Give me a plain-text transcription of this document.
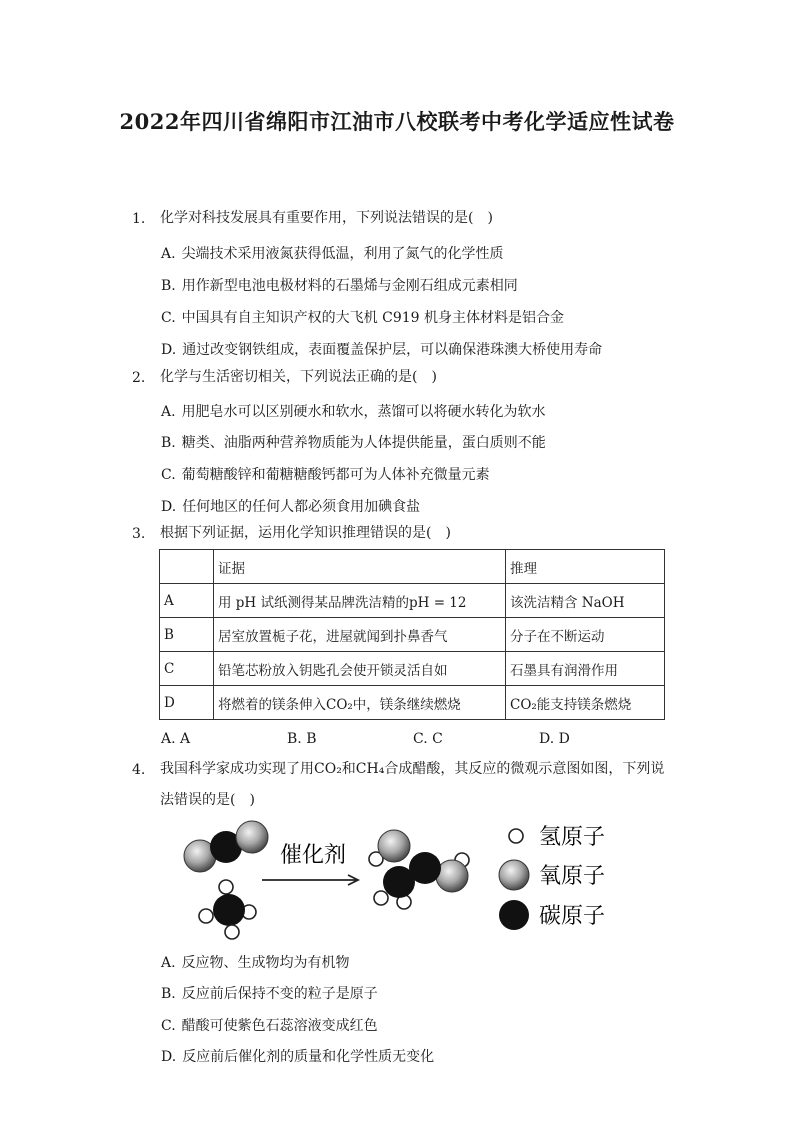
2022年四川省绵阳市江油市八校联考中考化学适应性试卷
1. 化学对科技发展具有重要作用，下列说法错误的是(　)
A. 尖端技术采用液氮获得低温，利用了氮气的化学性质
B. 用作新型电池电极材料的石墨烯与金刚石组成元素相同
C. 中国具有自主知识产权的大飞机 C919 机身主体材料是铝合金
D. 通过改变钢铁组成，表面覆盖保护层，可以确保港珠澳大桥使用寿命
2. 化学与生活密切相关，下列说法正确的是(　)
A. 用肥皂水可以区别硬水和软水，蒸馏可以将硬水转化为软水
B. 糖类、油脂两种营养物质能为人体提供能量，蛋白质则不能
C. 葡萄糖酸锌和葡糖糖酸钙都可为人体补充微量元素
D. 任何地区的任何人都必须食用加碘食盐
3. 根据下列证据，运用化学知识推理错误的是(　)
	证据	推理
A	用 pH 试纸测得某品牌洗洁精的pH = 12	该洗洁精含 NaOH
B	居室放置栀子花，进屋就闻到扑鼻香气	分子在不断运动
C	铅笔芯粉放入钥匙孔会使开锁灵活自如	石墨具有润滑作用
D	将燃着的镁条伸入CO₂中，镁条继续燃烧	CO₂能支持镁条燃烧
A. A	B. B	C. C	D. D
4. 我国科学家成功实现了用CO₂和CH₄合成醋酸，其反应的微观示意图如图，下列说法错误的是(　)
催化剂
氢原子
氧原子
碳原子
A. 反应物、生成物均为有机物
B. 反应前后保持不变的粒子是原子
C. 醋酸可使紫色石蕊溶液变成红色
D. 反应前后催化剂的质量和化学性质无变化
